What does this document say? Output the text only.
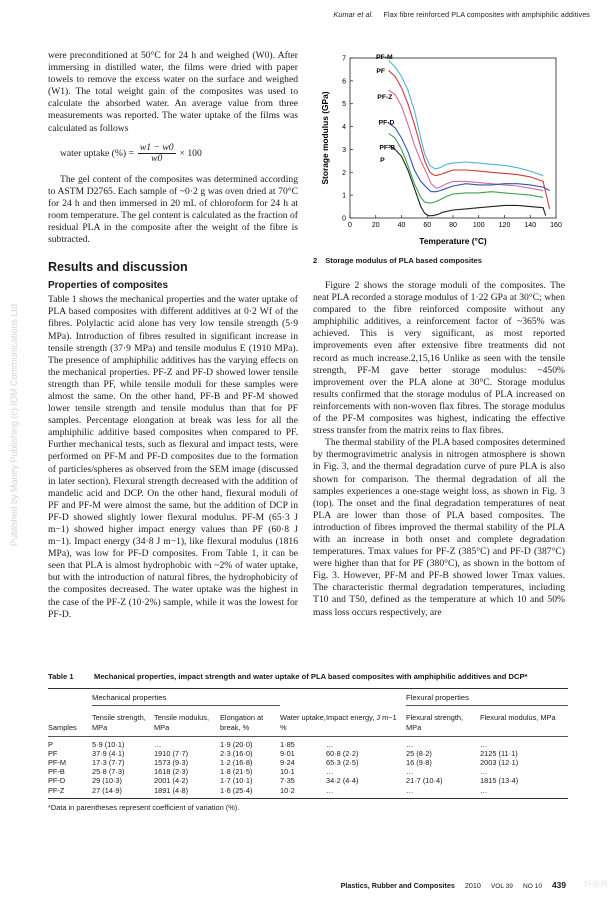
Kumar et al. Flax fibre reinforced PLA composites with amphiphilic additives
Published by Maney Publishing (c) IOM Communications Ltd

were preconditioned at 50°C for 24 h and weighed (W0). After immersing in distilled water, the films were dried with paper towels to remove the excess water on the surface and weighed (W1). The total weight gain of the composites was used to calculate the absorbed water. An average value from three measurements was reported. The water uptake of the films was calculated as follows

water uptake (%) = $\frac{w1 - w0}{w0} \times 100$

The gel content of the composites was determined according to ASTM D2765. Each sample of ~0·2 g was oven dried at 70°C for 24 h and then immersed in 20 mL of chloroform for 24 h at room temperature. The gel content is calculated as the fraction of residual PLA in the composite after the weight of the fibre is subtracted.

Results and discussion
Properties of composites

Table 1 shows the mechanical properties and the water uptake of PLA based composites with different additives at 0·2 Wf of the fibres. Polylactic acid alone has very low tensile strength (5·9 MPa). Introduction of fibres resulted in significant increase in tensile strength (37·9 MPa) and tensile modulus E (1910 MPa). The presence of amphiphilic additives has the varying effects on the mechanical properties. PF-Z and PF-D showed lower tensile strength than PF, while tensile moduli for these samples were almost the same. On the other hand, PF-B and PF-M showed lower tensile strength and tensile modulus than that for PF samples. Percentage elongation at break was less for all the amphiphilic additive based composites when compared to PF. Further mechanical tests, such as flexural and impact tests, were performed on PF-M and PF-D composites due to the formation of particles/spheres as observed from the SEM image (discussed in later section). Flexural strength decreased with the addition of mandelic acid and DCP. On the other hand, flexural moduli of PF and PF-M were almost the same, but the addition of DCP in PF-D showed slightly lower flexural modulus. PF-M (65·3 J m−1) showed higher impact energy values than PF (60·8 J m−1). Impact energy (34·8 J m−1), like flexural modulus (1816 MPa), was low for PF-D composites. From Table 1, it can be seen that PLA is almost hydrophobic with ~2% of water uptake, but with the introduction of natural fibres, the hydrophobicity of the composites decreased. The water uptake was the highest in the case of the PF-Z (10·2%) sample, while it was the lowest for PF-D.

0	20	40	60	80 100 120 140 160
0
1
2
3
4
5
6
7
Temperature (°C)
Storage modulus (GPa)
PF-M
PF
PF-Z
PF-D
PF-B
P
2 Storage modulus of PLA based composites

Figure 2 shows the storage moduli of the composites. The neat PLA recorded a storage modulus of 1·22 GPa at 30°C; when compared to the fibre reinforced composite without any amphiphilic additives, a reinforcement factor of ~365% was achieved. This is very significant, as most reported improvements even after extensive fibre treatments did not record as much increase.2,15,16 Unlike as seen with the tensile strength, PF-M gave better storage modulus: ~450% improvement over the PLA alone at 30°C. Storage modulus results confirmed that the storage modulus of PLA increased on reinforcements with non-woven flax fibres. The storage modulus of the PF-M composites was highest, indicating the effective stress transfer from the matrix reins to flax fibres.

The thermal stability of the PLA based composites determined by thermogravimetric analysis in nitrogen atmosphere is shown in Fig. 3, and the thermal degradation curve of pure PLA is also shown for comparison. The thermal degradation of all the samples experiences a one-stage weight loss, as shown in Fig. 3 (top). The onset and the final degradation temperatures of neat PLA are lower than those of PLA based composites. The introduction of fibres improved the thermal stability of the PLA with an increase in both onset and complete degradation temperatures. Tmax values for PF-Z (385°C) and PF-D (387°C) were higher than that for PF (380°C), as shown in the bottom of Fig. 3. However, PF-M and PF-B showed lower Tmax values. The characteristic thermal degradation temperatures, including T10 and T50, defined as the temperature at which 10 and 50% mass loss occurs respectively, are

Table 1	Mechanical properties, impact strength and water uptake of PLA based composites with amphiphilic additives and DCP*
	Mechanical properties					Flexural properties	

Samples	Tensile strength, MPa	Tensile modulus, MPa	Elongation at break, %	Water uptake, %	Impact energy, J m−1	Flexural strength, MPa	Flexural modulus, MPa

P	5·9 (10·1)	…	1·9 (20·0)	1·85	…	…	…
PF	37·9 (4·1)	1910 (7·7)	2·3 (16·0)	9·01	60·8 (2·2)	25 (8·2)	2125 (11·1)
PF-M	17·3 (7·7)	1573 (9·3)	1·2 (16·8)	9·24	65·3 (2·5)	16 (9·8)	2003 (12·1)
PF-B	25·8 (7·3)	1618 (2·3)	1·8 (21·5)	10·1	…	…	…
PF-D	29 (10·3)	2001 (4·2)	1·7 (10·1)	7·35	34·2 (4·4)	21·7 (10·4)	1815 (13·4)
PF-Z	27 (14·9)	1891 (4·8)	1·6 (25·4)	10·2	…	…	…
*Data in parentheses represent coefficient of variation (%).
Plastics, Rubber and Composites 2010 VOL 39 NO 10 439 纤维网
